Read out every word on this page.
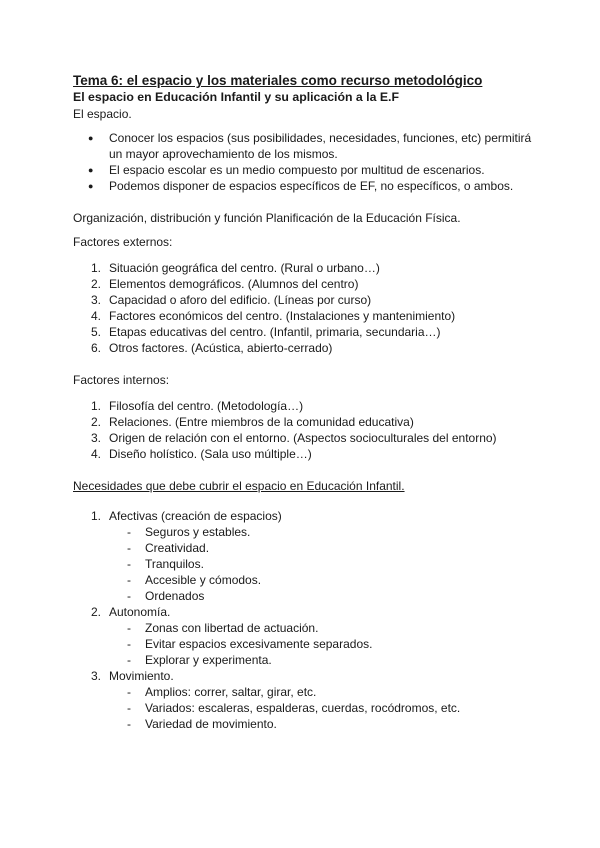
Tema 6: el espacio y los materiales como recurso metodológico

El espacio en Educación Infantil y su aplicación a la E.F

El espacio.

● Conocer los espacios (sus posibilidades, necesidades, funciones, etc) permitirá un mayor aprovechamiento de los mismos.
● El espacio escolar es un medio compuesto por multitud de escenarios.
● Podemos disponer de espacios específicos de EF, no específicos, o ambos.

Organización, distribución y función Planificación de la Educación Física.

Factores externos:

1. Situación geográfica del centro. (Rural o urbano…)
2. Elementos demográficos. (Alumnos del centro)
3. Capacidad o aforo del edificio. (Líneas por curso)
4. Factores económicos del centro. (Instalaciones y mantenimiento)
5. Etapas educativas del centro. (Infantil, primaria, secundaria…)
6. Otros factores. (Acústica, abierto-cerrado)

Factores internos:

1. Filosofía del centro. (Metodología…)
2. Relaciones. (Entre miembros de la comunidad educativa)
3. Origen de relación con el entorno. (Aspectos socioculturales del entorno)
4. Diseño holístico. (Sala uso múltiple…)

Necesidades que debe cubrir el espacio en Educación Infantil.

1. Afectivas (creación de espacios)
- Seguros y estables.
- Creatividad.
- Tranquilos.
- Accesible y cómodos.
- Ordenados
2. Autonomía.
- Zonas con libertad de actuación.
- Evitar espacios excesivamente separados.
- Explorar y experimenta.
3. Movimiento.
- Amplios: correr, saltar, girar, etc.
- Variados: escaleras, espalderas, cuerdas, rocódromos, etc.
- Variedad de movimiento.
